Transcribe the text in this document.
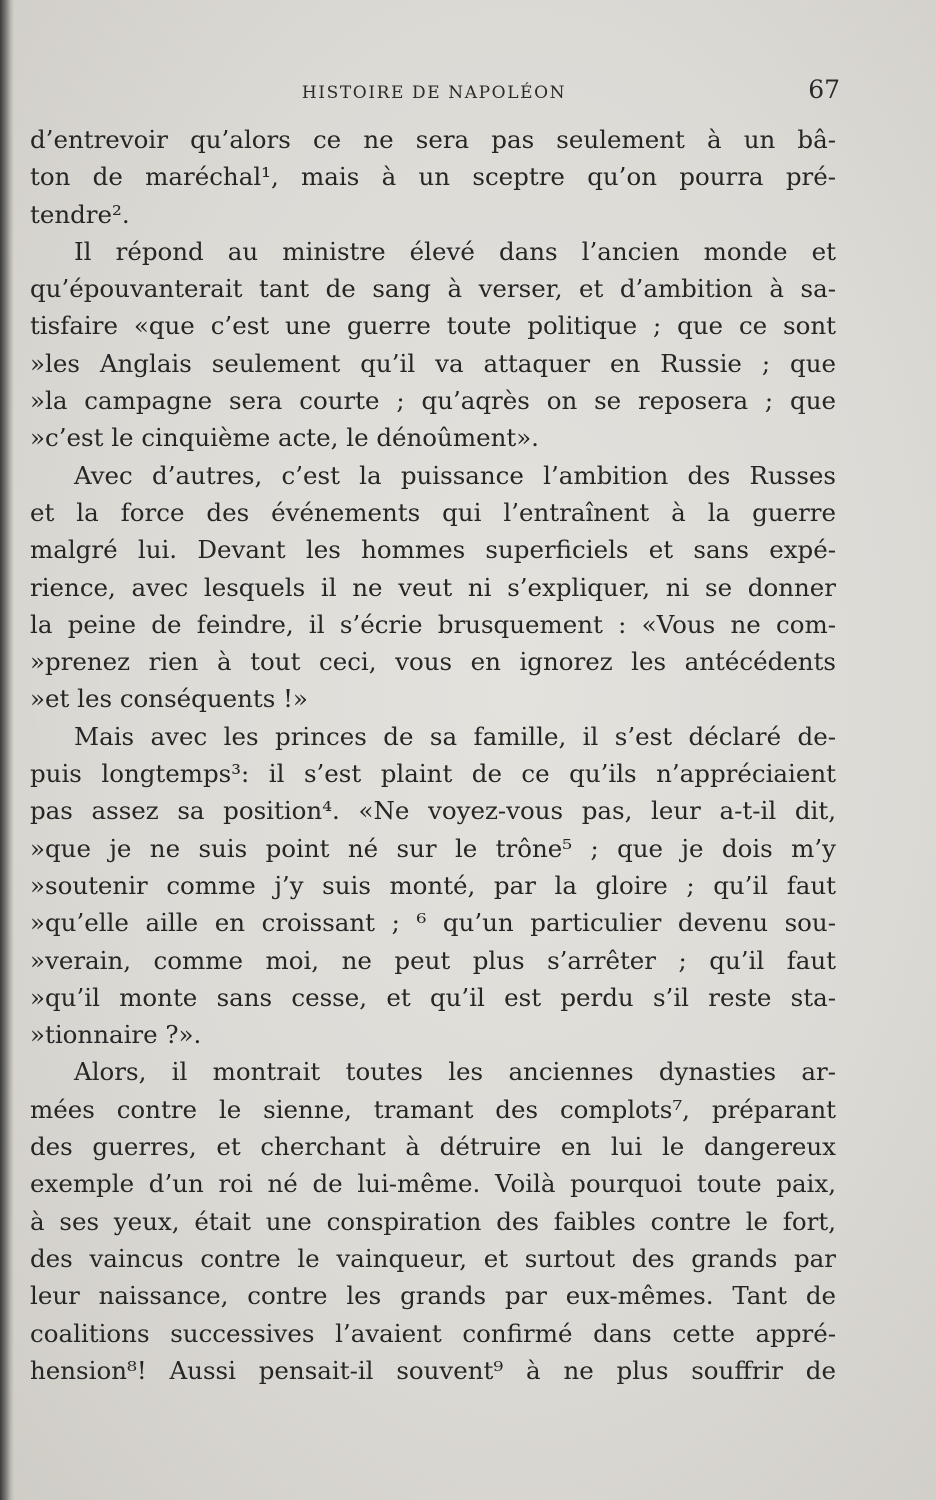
HISTOIRE DE NAPOLÉON	67
d’entrevoir qu’alors ce ne sera pas seulement à un bâ-
ton de maréchal¹, mais à un sceptre qu’on pourra pré-
tendre².
Il répond au ministre élevé dans l’ancien monde et
qu’épouvanterait tant de sang à verser, et d’ambition à sa-
tisfaire «que c’est une guerre toute politique ; que ce sont
»les Anglais seulement qu’il va attaquer en Russie ; que
»la campagne sera courte ; qu’aqrès on se reposera ; que
»c’est le cinquième acte, le dénoûment».
Avec d’autres, c’est la puissance l’ambition des Russes
et la force des événements qui l’entraînent à la guerre
malgré lui. Devant les hommes superficiels et sans expé-
rience, avec lesquels il ne veut ni s’expliquer, ni se donner
la peine de feindre, il s’écrie brusquement : «Vous ne com-
»prenez rien à tout ceci, vous en ignorez les antécédents
»et les conséquents !»
Mais avec les princes de sa famille, il s’est déclaré de-
puis longtemps³: il s’est plaint de ce qu’ils n’appréciaient
pas assez sa position⁴. «Ne voyez-vous pas, leur a-t-il dit,
»que je ne suis point né sur le trône⁵ ; que je dois m’y
»soutenir comme j’y suis monté, par la gloire ; qu’il faut
»qu’elle aille en croissant ; ⁶ qu’un particulier devenu sou-
»verain, comme moi, ne peut plus s’arrêter ; qu’il faut
»qu’il monte sans cesse, et qu’il est perdu s’il reste sta-
»tionnaire ?».
Alors, il montrait toutes les anciennes dynasties ar-
mées contre le sienne, tramant des complots⁷, préparant
des guerres, et cherchant à détruire en lui le dangereux
exemple d’un roi né de lui-même. Voilà pourquoi toute paix,
à ses yeux, était une conspiration des faibles contre le fort,
des vaincus contre le vainqueur, et surtout des grands par
leur naissance, contre les grands par eux-mêmes. Tant de
coalitions successives l’avaient confirmé dans cette appré-
hension⁸! Aussi pensait-il souvent⁹ à ne plus souffrir de
